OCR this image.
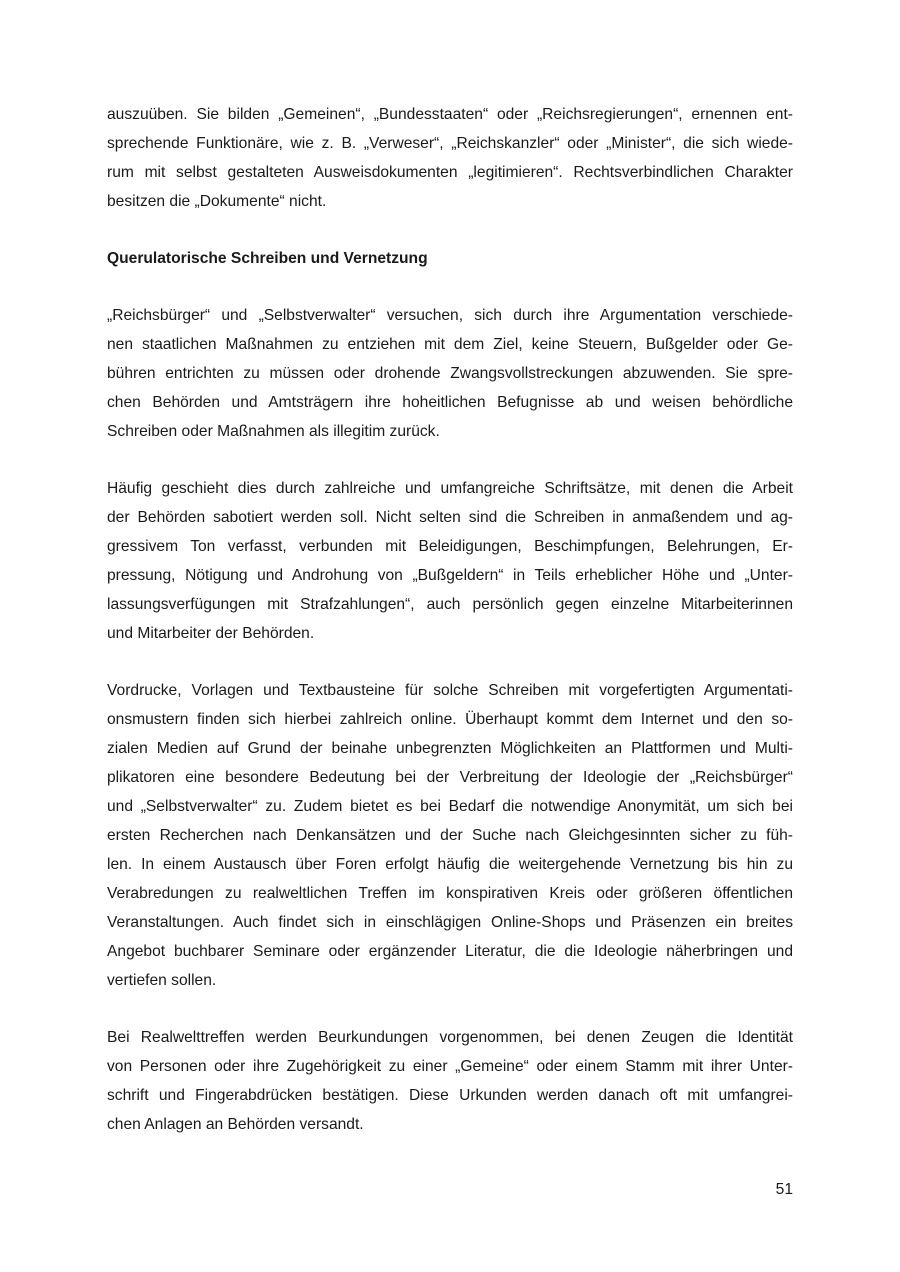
auszuüben. Sie bilden „Gemeinen“, „Bundesstaaten“ oder „Reichsregierungen“, ernennen ent-
sprechende Funktionäre, wie z. B. „Verweser“, „Reichskanzler“ oder „Minister“, die sich wiede-
rum mit selbst gestalteten Ausweisdokumenten „legitimieren“. Rechtsverbindlichen Charakter
besitzen die „Dokumente“ nicht.
Querulatorische Schreiben und Vernetzung
„Reichsbürger“ und „Selbstverwalter“ versuchen, sich durch ihre Argumentation verschiede-
nen staatlichen Maßnahmen zu entziehen mit dem Ziel, keine Steuern, Bußgelder oder Ge-
bühren entrichten zu müssen oder drohende Zwangsvollstreckungen abzuwenden. Sie spre-
chen Behörden und Amtsträgern ihre hoheitlichen Befugnisse ab und weisen behördliche
Schreiben oder Maßnahmen als illegitim zurück.
Häufig geschieht dies durch zahlreiche und umfangreiche Schriftsätze, mit denen die Arbeit
der Behörden sabotiert werden soll. Nicht selten sind die Schreiben in anmaßendem und ag-
gressivem Ton verfasst, verbunden mit Beleidigungen, Beschimpfungen, Belehrungen, Er-
pressung, Nötigung und Androhung von „Bußgeldern“ in Teils erheblicher Höhe und „Unter-
lassungsverfügungen mit Strafzahlungen“, auch persönlich gegen einzelne Mitarbeiterinnen
und Mitarbeiter der Behörden.
Vordrucke, Vorlagen und Textbausteine für solche Schreiben mit vorgefertigten Argumentati-
onsmustern finden sich hierbei zahlreich online. Überhaupt kommt dem Internet und den so-
zialen Medien auf Grund der beinahe unbegrenzten Möglichkeiten an Plattformen und Multi-
plikatoren eine besondere Bedeutung bei der Verbreitung der Ideologie der „Reichsbürger“
und „Selbstverwalter“ zu. Zudem bietet es bei Bedarf die notwendige Anonymität, um sich bei
ersten Recherchen nach Denkansätzen und der Suche nach Gleichgesinnten sicher zu füh-
len. In einem Austausch über Foren erfolgt häufig die weitergehende Vernetzung bis hin zu
Verabredungen zu realweltlichen Treffen im konspirativen Kreis oder größeren öffentlichen
Veranstaltungen. Auch findet sich in einschlägigen Online-Shops und Präsenzen ein breites
Angebot buchbarer Seminare oder ergänzender Literatur, die die Ideologie näherbringen und
vertiefen sollen.
Bei Realwelttreffen werden Beurkundungen vorgenommen, bei denen Zeugen die Identität
von Personen oder ihre Zugehörigkeit zu einer „Gemeine“ oder einem Stamm mit ihrer Unter-
schrift und Fingerabdrücken bestätigen. Diese Urkunden werden danach oft mit umfangrei-
chen Anlagen an Behörden versandt.
51
